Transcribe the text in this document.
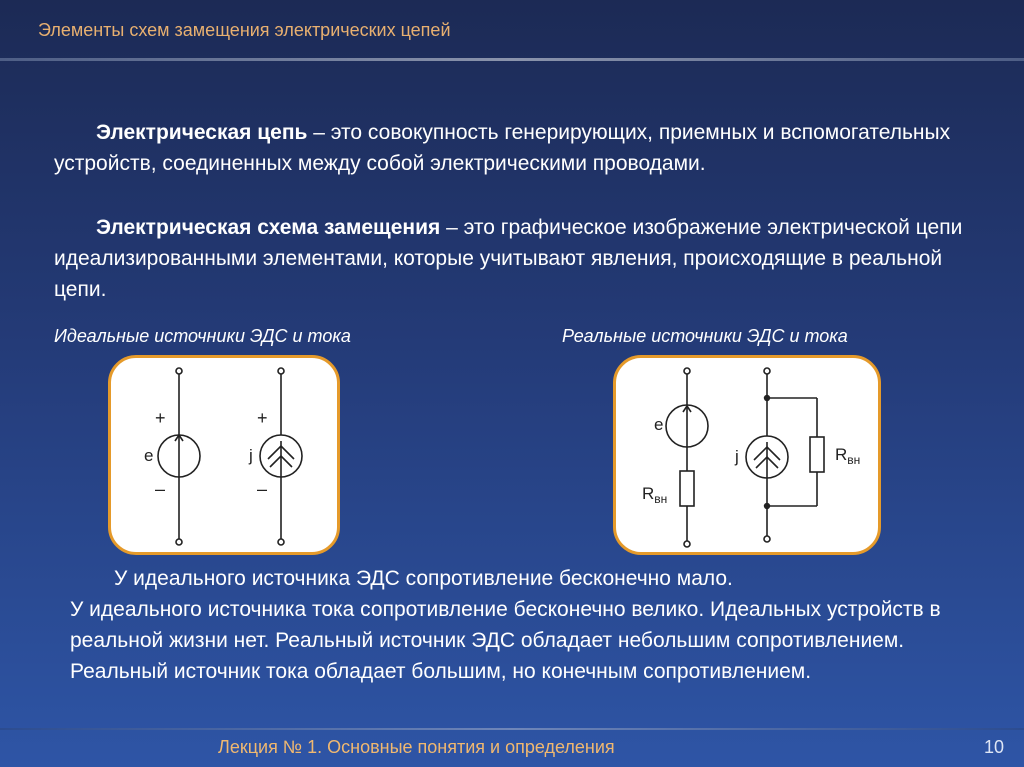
Элементы схем замещения электрических цепей
Электрическая цепь – это совокупность генерирующих, приемных и вспомогательных устройств, соединенных между собой электрическими проводами.
Электрическая схема замещения – это графическое изображение электрической цепи идеализированными элементами, которые учитывают явления, происходящие в реальной цепи.
Идеальные источники ЭДС и тока	Реальные источники ЭДС и тока
+
e
–
+
j
–
e
$R_{вн}$
j	$R_{вн}$
У идеального источника ЭДС сопротивление бесконечно мало.
У идеального источника тока сопротивление бесконечно велико. Идеальных устройств в реальной жизни нет. Реальный источник ЭДС обладает небольшим сопротивлением. Реальный источник тока обладает большим, но конечным сопротивлением.
Лекция № 1. Основные понятия и определения	10
